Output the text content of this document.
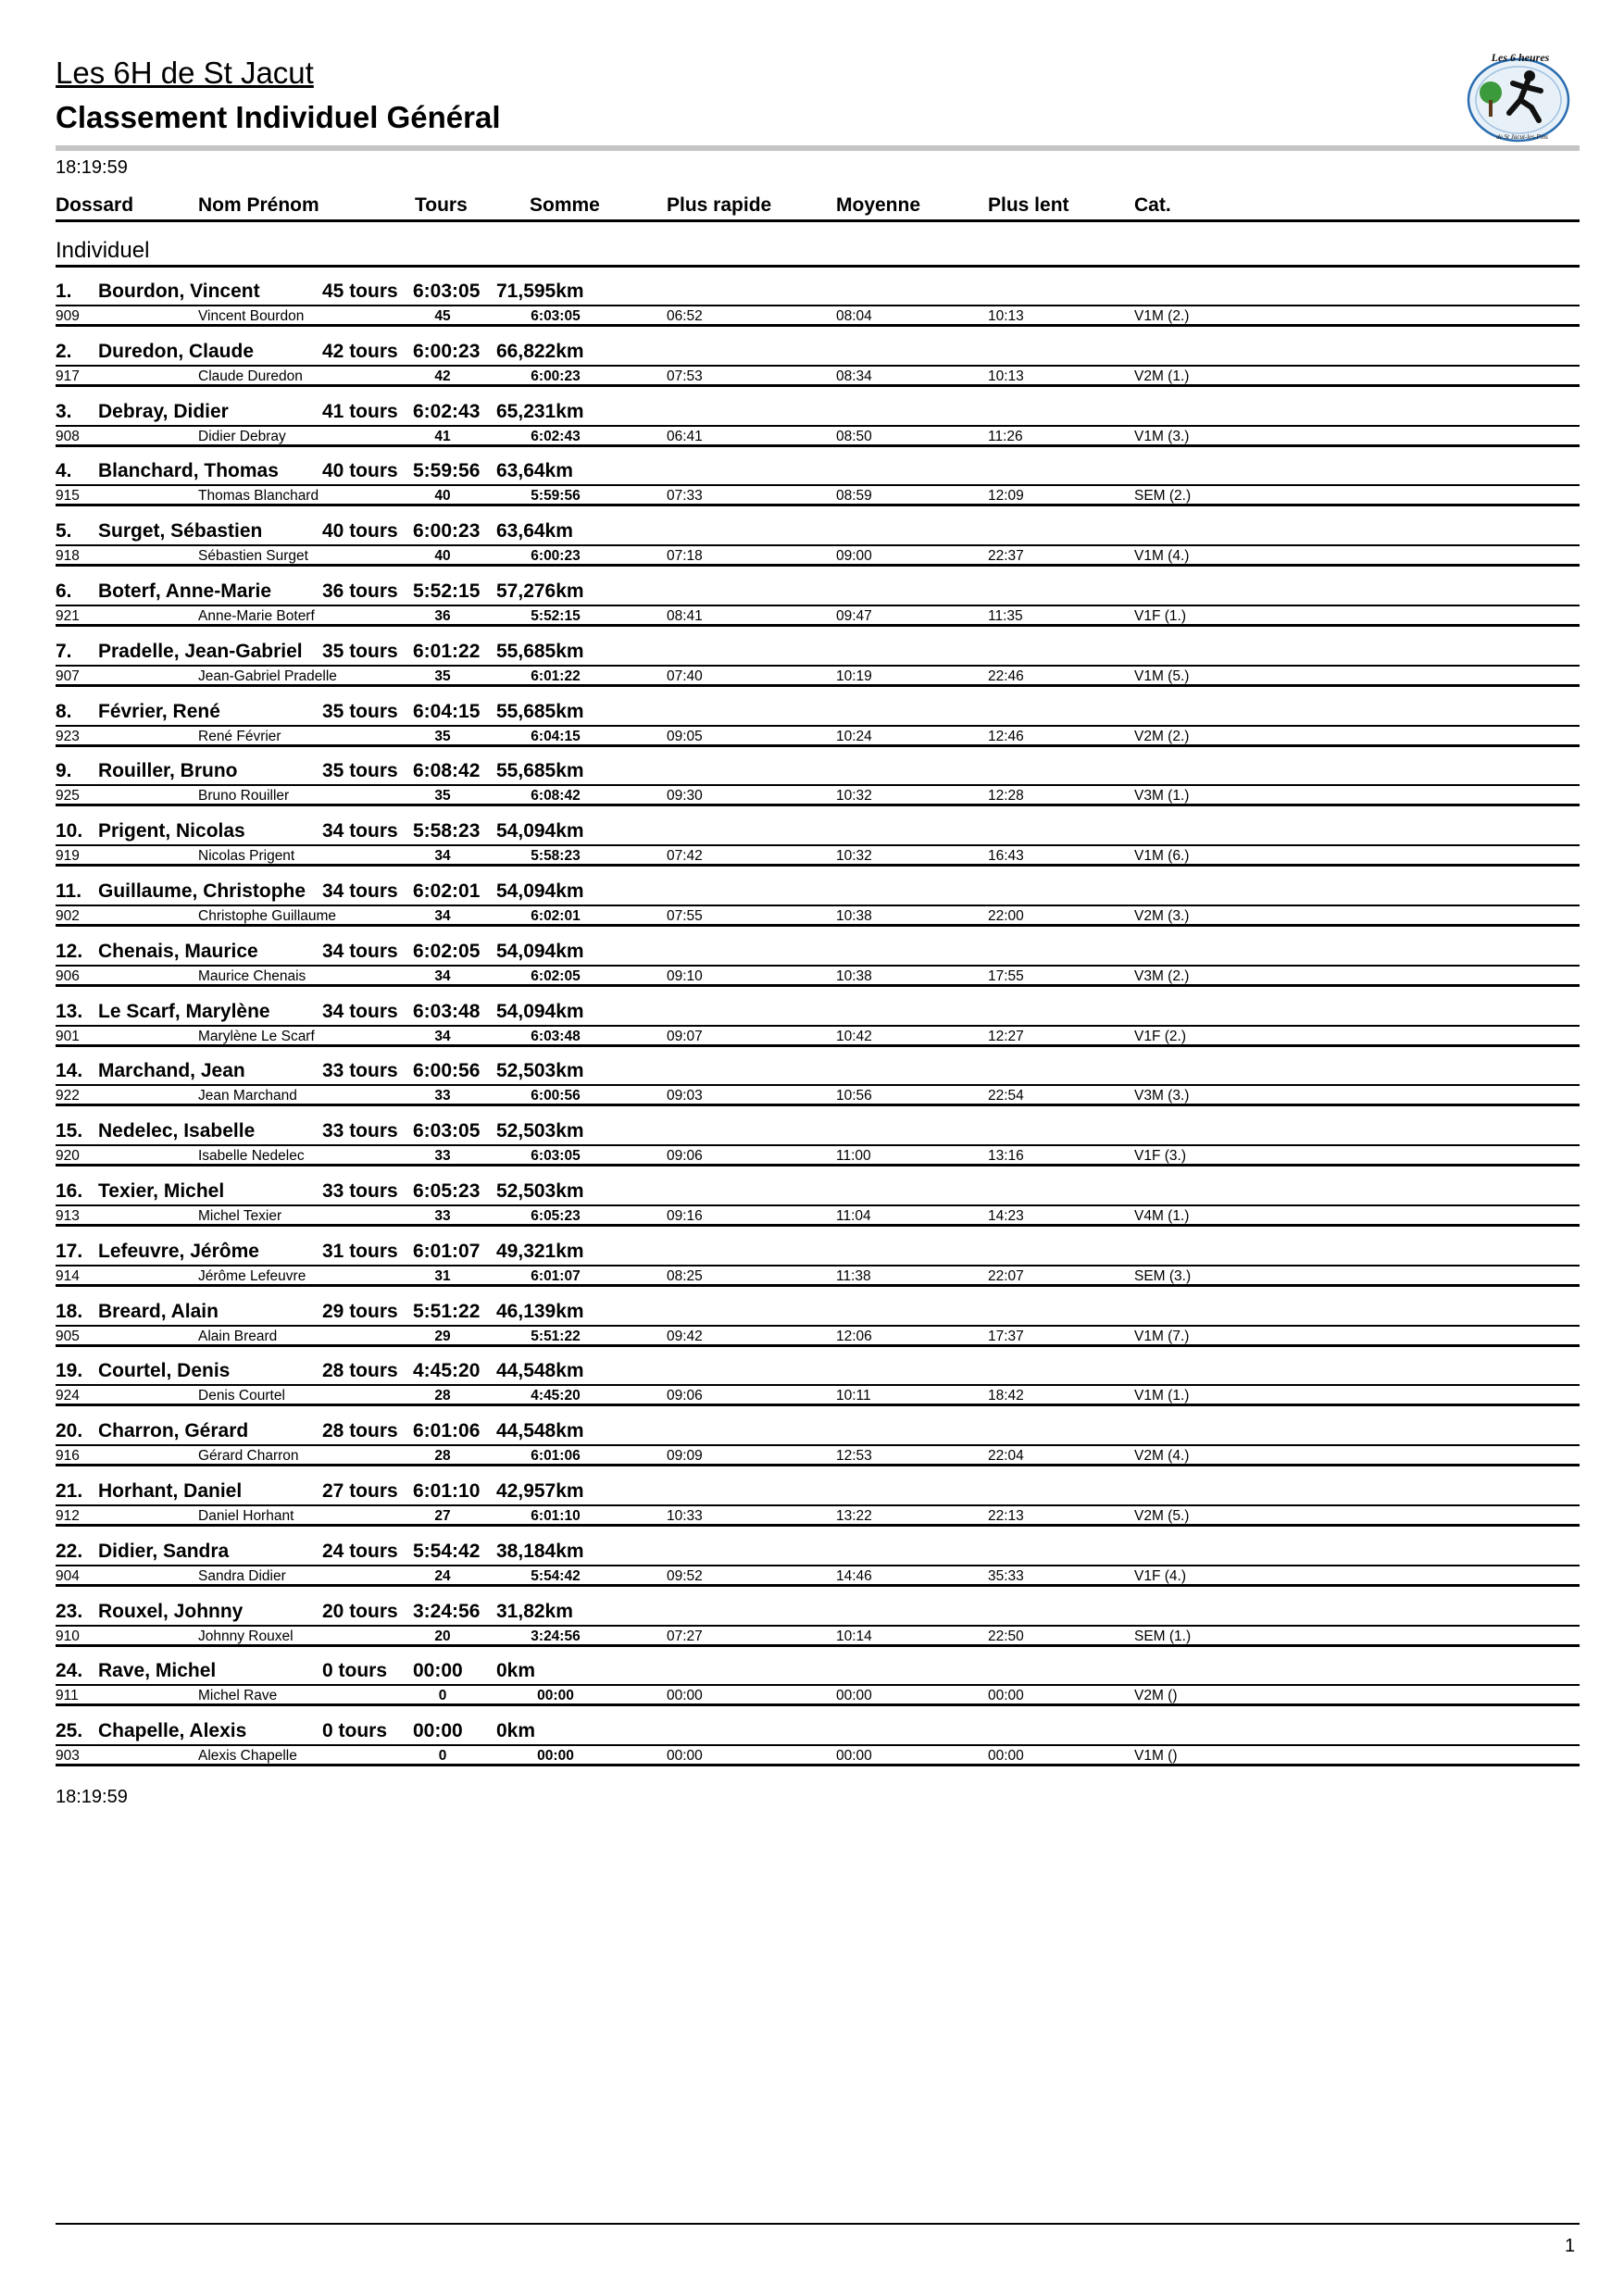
Les 6H de St Jacut
Classement Individuel Général
Les 6 heures
de St Jacut-les-Pins
18:19:59
Dossard	Nom Prénom	Tours	Somme	Plus rapide	Moyenne	Plus lent	Cat.
Individuel
1. Bourdon, Vincent	45 tours 6:03:05 71,595km
909	Vincent Bourdon	45	6:03:05	06:52	08:04	10:13	V1M (2.)
2. Duredon, Claude	42 tours 6:00:23 66,822km
917	Claude Duredon	42	6:00:23	07:53	08:34	10:13	V2M (1.)
3. Debray, Didier	41 tours 6:02:43 65,231km
908	Didier Debray	41	6:02:43	06:41	08:50	11:26	V1M (3.)
4. Blanchard, Thomas 40 tours 5:59:56 63,64km
915	Thomas Blanchard	40	5:59:56	07:33	08:59	12:09	SEM (2.)
5. Surget, Sébastien	40 tours 6:00:23 63,64km
918	Sébastien Surget	40	6:00:23	07:18	09:00	22:37	V1M (4.)
6. Boterf, Anne-Marie	36 tours 5:52:15 57,276km
921	Anne-Marie Boterf	36	5:52:15	08:41	09:47	11:35	V1F (1.)
7. Pradelle, Jean-Gabriel 35 tours 6:01:22 55,685km
907	Jean-Gabriel Pradelle	35	6:01:22	07:40	10:19	22:46	V1M (5.)
8. Février, René	35 tours 6:04:15 55,685km
923	René Février	35	6:04:15	09:05	10:24	12:46	V2M (2.)
9. Rouiller, Bruno	35 tours 6:08:42 55,685km
925	Bruno Rouiller	35	6:08:42	09:30	10:32	12:28	V3M (1.)
10. Prigent, Nicolas	34 tours 5:58:23 54,094km
919	Nicolas Prigent	34	5:58:23	07:42	10:32	16:43	V1M (6.)
11. Guillaume, Christophe 34 tours 6:02:01 54,094km
902	Christophe Guillaume	34	6:02:01	07:55	10:38	22:00	V2M (3.)
12. Chenais, Maurice	34 tours 6:02:05 54,094km
906	Maurice Chenais	34	6:02:05	09:10	10:38	17:55	V3M (2.)
13. Le Scarf, Marylène	34 tours 6:03:48 54,094km
901	Marylène Le Scarf	34	6:03:48	09:07	10:42	12:27	V1F (2.)
14. Marchand, Jean	33 tours 6:00:56 52,503km
922	Jean Marchand	33	6:00:56	09:03	10:56	22:54	V3M (3.)
15. Nedelec, Isabelle	33 tours 6:03:05 52,503km
920	Isabelle Nedelec	33	6:03:05	09:06	11:00	13:16	V1F (3.)
16. Texier, Michel	33 tours 6:05:23 52,503km
913	Michel Texier	33	6:05:23	09:16	11:04	14:23	V4M (1.)
17. Lefeuvre, Jérôme	31 tours 6:01:07 49,321km
914	Jérôme Lefeuvre	31	6:01:07	08:25	11:38	22:07	SEM (3.)
18. Breard, Alain	29 tours 5:51:22 46,139km
905	Alain Breard	29	5:51:22	09:42	12:06	17:37	V1M (7.)
19. Courtel, Denis	28 tours 4:45:20 44,548km
924	Denis Courtel	28	4:45:20	09:06	10:11	18:42	V1M (1.)
20. Charron, Gérard	28 tours 6:01:06 44,548km
916	Gérard Charron	28	6:01:06	09:09	12:53	22:04	V2M (4.)
21. Horhant, Daniel	27 tours 6:01:10 42,957km
912	Daniel Horhant	27	6:01:10	10:33	13:22	22:13	V2M (5.)
22. Didier, Sandra	24 tours 5:54:42 38,184km
904	Sandra Didier	24	5:54:42	09:52	14:46	35:33	V1F (4.)
23. Rouxel, Johnny	20 tours 3:24:56 31,82km
910	Johnny Rouxel	20	3:24:56	07:27	10:14	22:50	SEM (1.)
24. Rave, Michel	0 tours 00:00 0km
911	Michel Rave	0	00:00	00:00	00:00	00:00	V2M ()
25. Chapelle, Alexis	0 tours 00:00 0km
903	Alexis Chapelle	0	00:00	00:00	00:00	00:00	V1M ()
18:19:59
1
